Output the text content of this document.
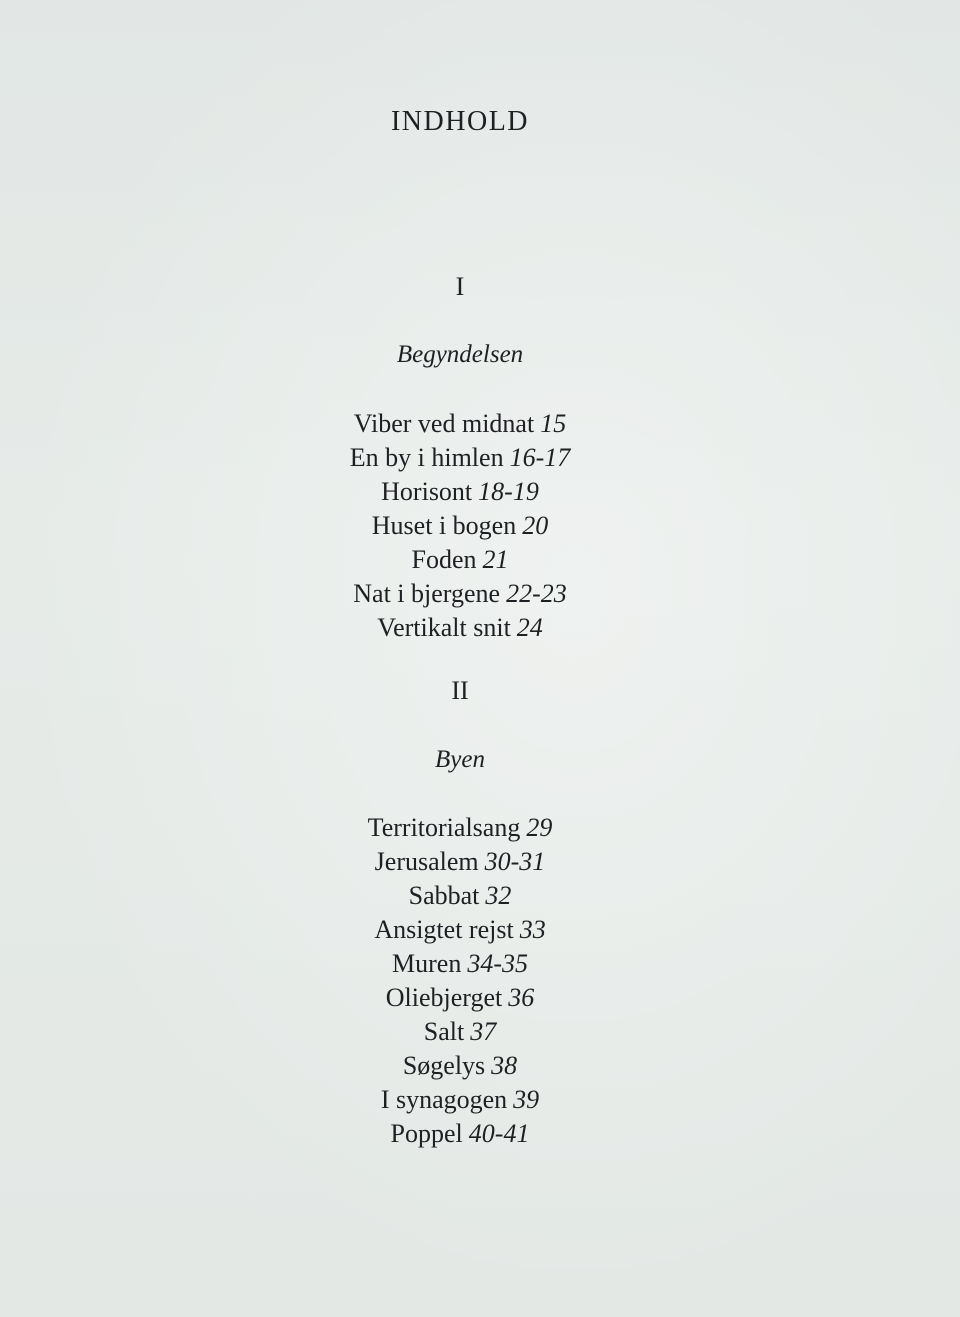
INDHOLD
I
Begyndelsen
Viber ved midnat 15
En by i himlen 16-17
Horisont 18-19
Huset i bogen 20
Foden 21
Nat i bjergene 22-23
Vertikalt snit 24
II
Byen
Territorialsang 29
Jerusalem 30-31
Sabbat 32
Ansigtet rejst 33
Muren 34-35
Oliebjerget 36
Salt 37
Søgelys 38
I synagogen 39
Poppel 40-41
